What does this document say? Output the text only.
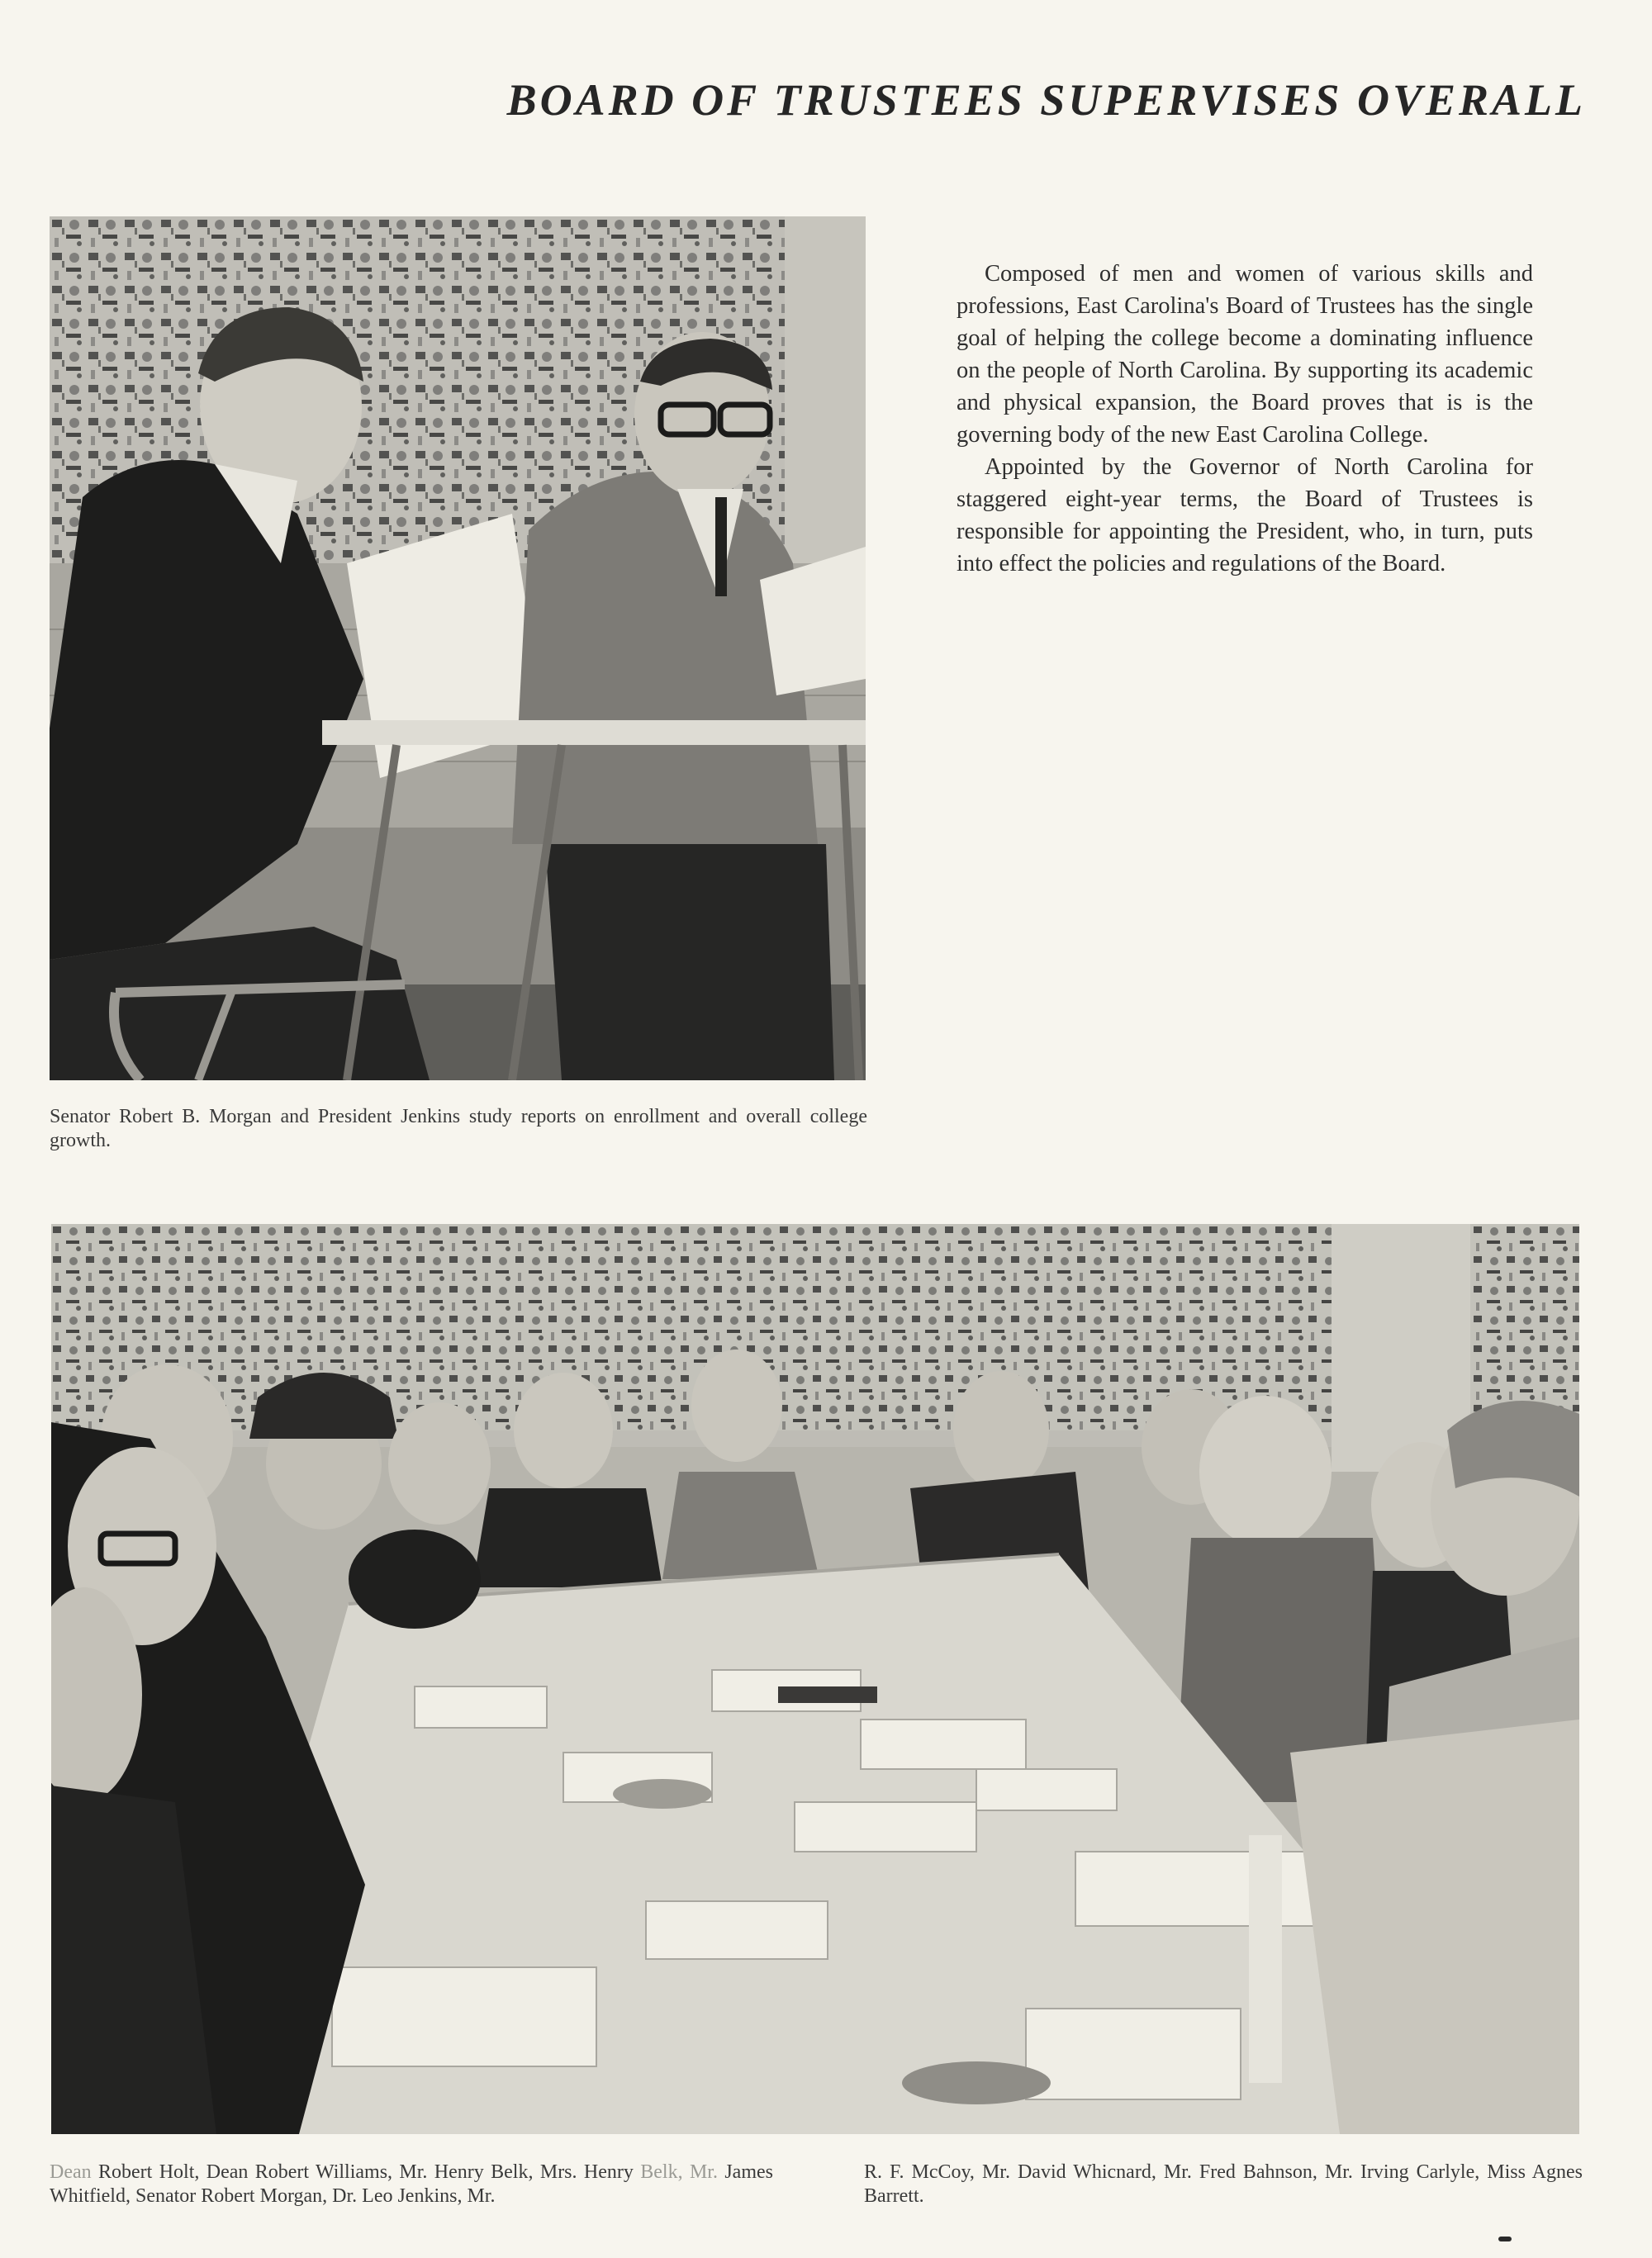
BOARD OF TRUSTEES SUPERVISES OVERALL

Composed of men and women of various skills and professions, East Carolina's Board of Trustees has the single goal of helping the college become a dominating influence on the people of North Carolina. By supporting its academic and physical expansion, the Board proves that is is the governing body of the new East Carolina College.

Appointed by the Governor of North Carolina for staggered eight-year terms, the Board of Trustees is responsible for appointing the President, who, in turn, puts into effect the policies and regulations of the Board.

Senator Robert B. Morgan and President Jenkins study reports on enrollment and overall college growth.
Dean Robert Holt, Dean Robert Williams, Mr. Henry Belk, Mrs. Henry Belk, Mr. James Whitfield, Senator Robert Morgan, Dr. Leo Jenkins, Mr.
R. F. McCoy, Mr. David Whicnard, Mr. Fred Bahnson, Mr. Irving Carlyle, Miss Agnes Barrett.
